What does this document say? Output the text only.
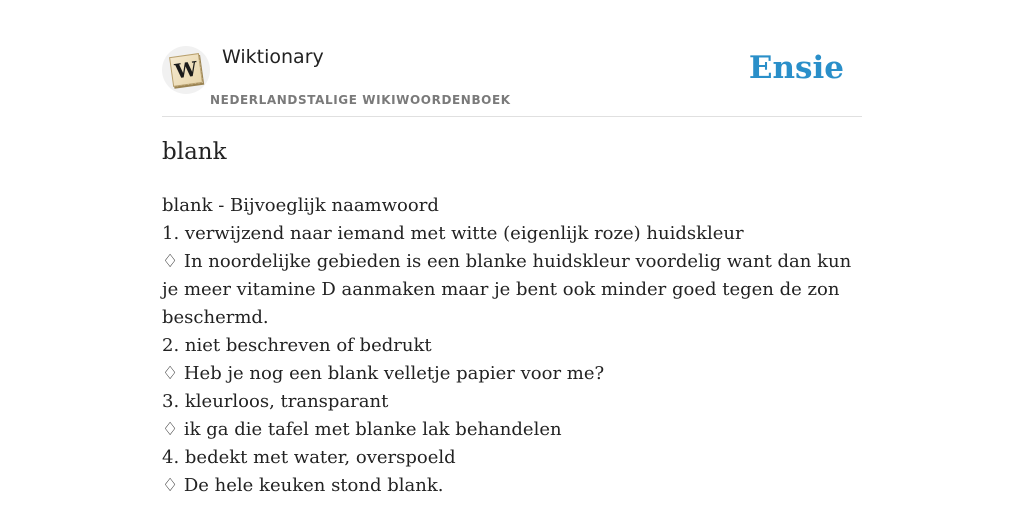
W Wiktionary
NEDERLANDSTALIGE WIKIWOORDENBOEK
Ensie
blank
blank - Bijvoeglijk naamwoord
1. verwijzend naar iemand met witte (eigenlijk roze) huidskleur
♢ In noordelijke gebieden is een blanke huidskleur voordelig want dan kun je meer vitamine D aanmaken maar je bent ook minder goed tegen de zon beschermd.
2. niet beschreven of bedrukt
♢ Heb je nog een blank velletje papier voor me?
3. kleurloos, transparant
♢ ik ga die tafel met blanke lak behandelen
4. bedekt met water, overspoeld
♢ De hele keuken stond blank.
